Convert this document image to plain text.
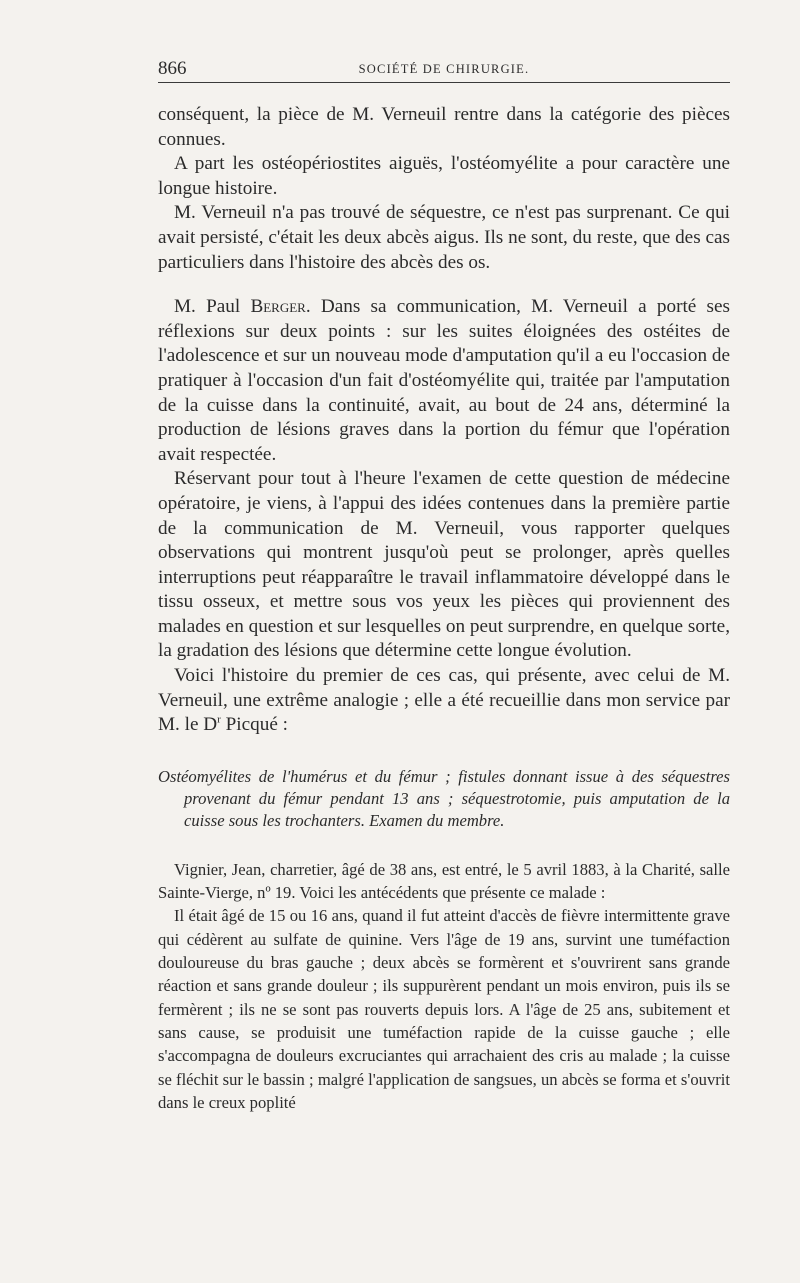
866	SOCIÉTÉ DE CHIRURGIE.

conséquent, la pièce de M. Verneuil rentre dans la catégorie des pièces connues.

A part les ostéopériostites aiguës, l'ostéomyélite a pour caractère une longue histoire.

M. Verneuil n'a pas trouvé de séquestre, ce n'est pas surprenant. Ce qui avait persisté, c'était les deux abcès aigus. Ils ne sont, du reste, que des cas particuliers dans l'histoire des abcès des os.

M. Paul Berger. Dans sa communication, M. Verneuil a porté ses réflexions sur deux points : sur les suites éloignées des ostéites de l'adolescence et sur un nouveau mode d'amputation qu'il a eu l'occasion de pratiquer à l'occasion d'un fait d'ostéomyélite qui, traitée par l'amputation de la cuisse dans la continuité, avait, au bout de 24 ans, déterminé la production de lésions graves dans la portion du fémur que l'opération avait respectée.

Réservant pour tout à l'heure l'examen de cette question de médecine opératoire, je viens, à l'appui des idées contenues dans la première partie de la communication de M. Verneuil, vous rapporter quelques observations qui montrent jusqu'où peut se prolonger, après quelles interruptions peut réapparaître le travail inflammatoire développé dans le tissu osseux, et mettre sous vos yeux les pièces qui proviennent des malades en question et sur lesquelles on peut surprendre, en quelque sorte, la gradation des lésions que détermine cette longue évolution.

Voici l'histoire du premier de ces cas, qui présente, avec celui de M. Verneuil, une extrême analogie ; elle a été recueillie dans mon service par M. le $D^r$ Picqué :

Ostéomyélites de l'humérus et du fémur ; fistules donnant issue à des séquestres provenant du fémur pendant 13 ans ; séquestrotomie, puis amputation de la cuisse sous les trochanters. Examen du membre.

Vignier, Jean, charretier, âgé de 38 ans, est entré, le 5 avril 1883, à la Charité, salle Sainte-Vierge, nº 19. Voici les antécédents que présente ce malade :

Il était âgé de 15 ou 16 ans, quand il fut atteint d'accès de fièvre intermittente grave qui cédèrent au sulfate de quinine. Vers l'âge de 19 ans, survint une tuméfaction douloureuse du bras gauche ; deux abcès se formèrent et s'ouvrirent sans grande réaction et sans grande douleur ; ils suppurèrent pendant un mois environ, puis ils se fermèrent ; ils ne se sont pas rouverts depuis lors. A l'âge de 25 ans, subitement et sans cause, se produisit une tuméfaction rapide de la cuisse gauche ; elle s'accompagna de douleurs excruciantes qui arrachaient des cris au malade ; la cuisse se fléchit sur le bassin ; malgré l'application de sangsues, un abcès se forma et s'ouvrit dans le creux poplité
